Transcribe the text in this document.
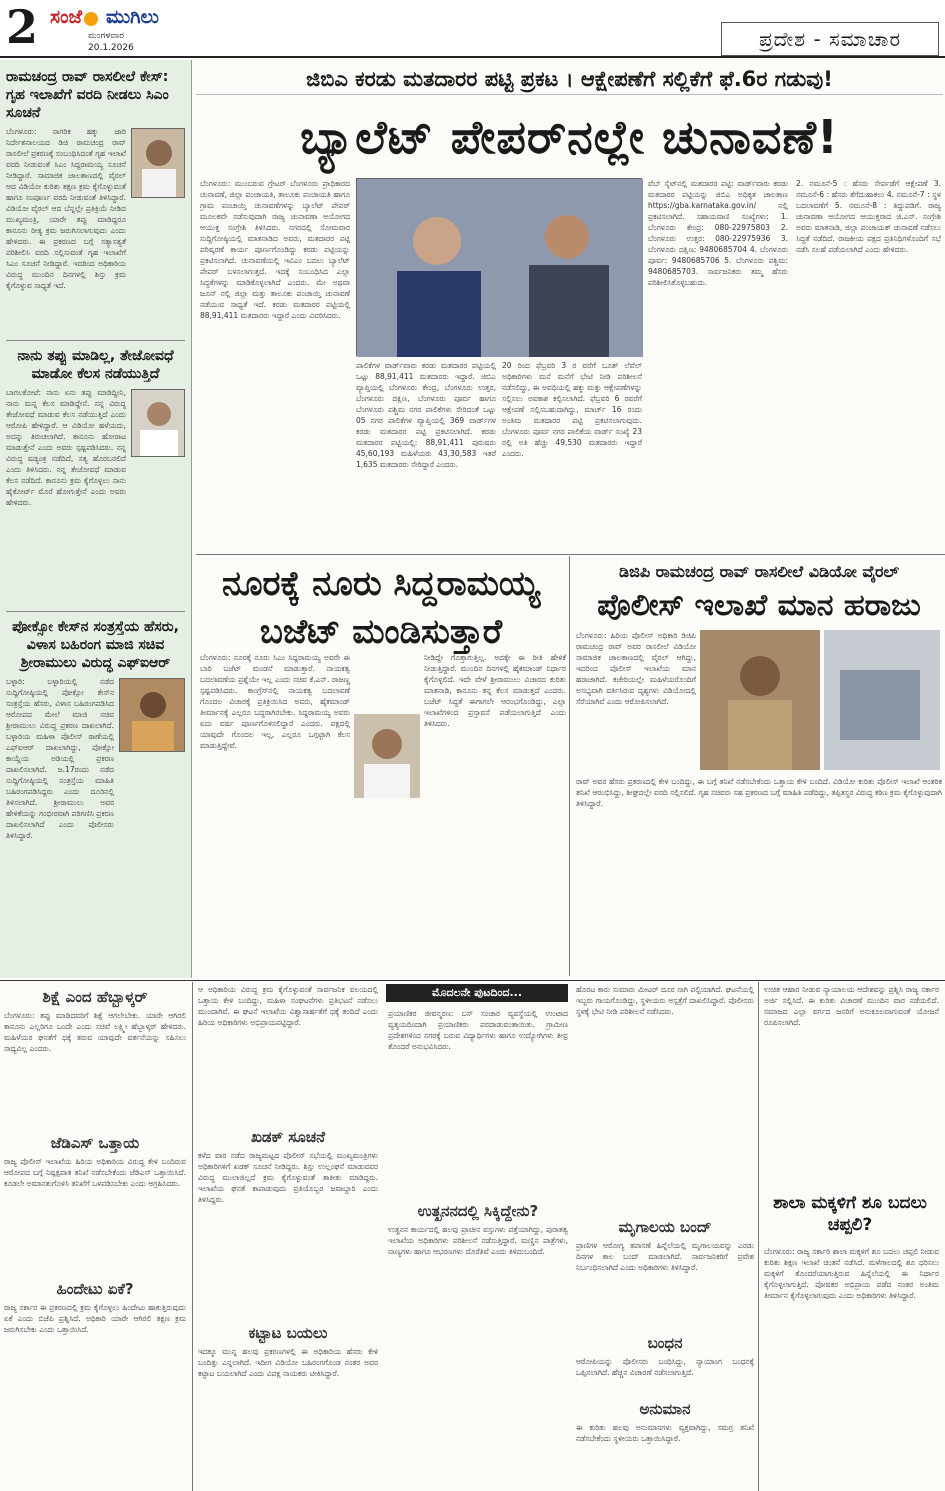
2 ಸಂಜೆ ಮುಗಿಲು
ಮಂಗಳವಾರ
20.1.2026	ಪ್ರದೇಶ - ಸಮಾಚಾರ
ರಾಮಚಂದ್ರ ರಾವ್ ರಾಸಲೀಲೆ ಕೇಸ್: ಗೃಹ ಇಲಾಖೆಗೆ ವರದಿ ನೀಡಲು ಸಿಎಂ ಸೂಚನೆ
ಬೆಂಗಳೂರು: ನಾಗರಿಕ ಹಕ್ಕು ಜಾರಿ ನಿರ್ದೇಶನಾಲಯದ ಡಿಜಿ ರಾಮಚಂದ್ರ ರಾವ್ ರಾಸಲೀಲೆ ಪ್ರಕರಣಕ್ಕೆ ಸಂಬಂಧಿಸಿದಂತೆ ಗೃಹ ಇಲಾಖೆ ವರದಿ ನೀಡುವಂತೆ ಸಿಎಂ ಸಿದ್ದರಾಮಯ್ಯ ಸೂಚನೆ ನೀಡಿದ್ದಾರೆ. ಸಾಮಾಜಿಕ ಜಾಲತಾಣದಲ್ಲಿ ವೈರಲ್ ಆದ ವಿಡಿಯೋ ಕುರಿತು ತಕ್ಷಣ ಕ್ರಮ ಕೈಗೊಳ್ಳುವಂತೆ ಹಾಗೂ ಸಂಪೂರ್ಣ ವರದಿ ನೀಡುವಂತೆ ತಿಳಿಸಿದ್ದಾರೆ. ವಿಡಿಯೋ ವೈರಲ್ ಆದ ಬೆನ್ನಲ್ಲೇ ಪ್ರತಿಕ್ರಿಯೆ ನೀಡಿದ ಮುಖ್ಯಮಂತ್ರಿ, ಯಾರೇ ತಪ್ಪು ಮಾಡಿದ್ದರೂ ಕಾನೂನು ರೀತ್ಯ ಕ್ರಮ ಜರುಗಿಸಲಾಗುವುದು ಎಂದು ಹೇಳಿದರು. ಈ ಪ್ರಕರಣದ ಬಗ್ಗೆ ಸತ್ಯಾಸತ್ಯತೆ ಪರಿಶೀಲಿಸಿ ವರದಿ ಸಲ್ಲಿಸುವಂತೆ ಗೃಹ ಇಲಾಖೆಗೆ ಸಿಎಂ ಸೂಚನೆ ನೀಡಿದ್ದಾರೆ. ಇದರಿಂದ ಅಧಿಕಾರಿಯ ವಿರುದ್ಧ ಮುಂದಿನ ದಿನಗಳಲ್ಲಿ ಶಿಸ್ತು ಕ್ರಮ ಕೈಗೊಳ್ಳುವ ಸಾಧ್ಯತೆ ಇದೆ.
ನಾನು ತಪ್ಪು ಮಾಡಿಲ್ಲ, ತೇಜೋವಧೆ ಮಾಡೋ ಕೆಲಸ ನಡೆಯುತ್ತಿದೆ
ಬಾಗಲಕೋಟೆ: ನಾನು ಏನು ತಪ್ಪು ಮಾಡಿದ್ದೀನಿ, ನಾನು ಮನ್ನ ಕೆಲಸ ಮಾಡಿದ್ದೇನೆ. ನನ್ನ ವಿರುದ್ಧ ತೇಜೋವಧೆ ಮಾಡುವ ಕೆಲಸ ನಡೆಯುತ್ತಿದೆ ಎಂದು ಆರೋಪಿ ಹೇಳಿದ್ದಾರೆ. ಆ ವಿಡಿಯೋ ಹಳೆಯದು, ಅದನ್ನು ತಿರುಚಲಾಗಿದೆ. ಕಾನೂನು ಹೋರಾಟ ಮಾಡುತ್ತೇನೆ ಎಂದು ಅವರು ಸ್ಪಷ್ಟಪಡಿಸಿದರು. ನನ್ನ ವಿರುದ್ಧ ಷಡ್ಯಂತ್ರ ನಡೆದಿದೆ, ಸತ್ಯ ಹೊರಬರಲಿದೆ ಎಂದು ತಿಳಿಸಿದರು. ನನ್ನ ತೇಜೋವಧೆ ಮಾಡುವ ಕೆಲಸ ನಡೆದಿದೆ. ಕಾನೂನು ಕ್ರಮ ಕೈಗೊಳ್ಳಲು ನಾನು ಹೈಕೋರ್ಟ್ ಮೊರೆ ಹೋಗುತ್ತೇನೆ ಎಂದು ಅವರು ಹೇಳಿದರು.
ಪೋಕ್ಸೋ ಕೇಸ್‌ನ ಸಂತ್ರಸ್ತೆಯ ಹೆಸರು, ವಿಳಾಸ ಬಹಿರಂಗ ಮಾಜಿ ಸಚಿವ ಶ್ರೀರಾಮುಲು ವಿರುದ್ಧ ಎಫ್‌ಐಆರ್
ಬಳ್ಳಾರಿ: ಬಳ್ಳಾರಿಯಲ್ಲಿ ನಡೆದ ಸುದ್ದಿಗೋಷ್ಠಿಯಲ್ಲಿ ಪೋಕ್ಸೋ ಕೇಸ್‌ನ ಸಂತ್ರಸ್ತೆಯ ಹೆಸರು, ವಿಳಾಸ ಬಹಿರಂಗಪಡಿಸಿದ ಆರೋಪದ ಮೇಲೆ ಮಾಜಿ ಸಚಿವ ಶ್ರೀರಾಮುಲು ವಿರುದ್ಧ ಪ್ರಕರಣ ದಾಖಲಾಗಿದೆ. ಬಳ್ಳಾರಿಯ ಮಹಿಳಾ ಪೊಲೀಸ್ ಠಾಣೆಯಲ್ಲಿ ಎಫ್‌ಐಆರ್ ದಾಖಲಾಗಿದ್ದು, ಪೋಕ್ಸೋ ಕಾಯ್ದೆಯ ಅಡಿಯಲ್ಲಿ ಪ್ರಕರಣ ದಾಖಲಿಸಲಾಗಿದೆ. ಜ.17ರಂದು ನಡೆದ ಸುದ್ದಿಗೋಷ್ಠಿಯಲ್ಲಿ ಸಂತ್ರಸ್ತೆಯ ಮಾಹಿತಿ ಬಹಿರಂಗಪಡಿಸಿದ್ದರು ಎಂದು ದೂರಿನಲ್ಲಿ ತಿಳಿಸಲಾಗಿದೆ. ಶ್ರೀರಾಮುಲು ಅವರ ಹೇಳಿಕೆಯನ್ನು ಗಂಭೀರವಾಗಿ ಪರಿಗಣಿಸಿ ಪ್ರಕರಣ ದಾಖಲಿಸಲಾಗಿದೆ ಎಂದು ಪೊಲೀಸರು ತಿಳಿಸಿದ್ದಾರೆ.
ಜಿಬಿಎ ಕರಡು ಮತದಾರರ ಪಟ್ಟಿ ಪ್ರಕಟ । ಆಕ್ಷೇಪಣೆಗೆ ಸಲ್ಲಿಕೆಗೆ ಫೆ.6ರ ಗಡುವು!
ಬ್ಯಾಲೆಟ್ ಪೇಪರ್‌ನಲ್ಲೇ ಚುನಾವಣೆ!
ಬೆಂಗಳೂರು: ಮುಂಬರುವ ಗ್ರೇಟರ್ ಬೆಂಗಳೂರು ಪ್ರಾಧಿಕಾರದ ಚುನಾವಣೆ, ಜಿಲ್ಲಾ ಪಂಚಾಯತಿ, ತಾಲೂಕು ಪಂಚಾಯತಿ ಹಾಗೂ ಗ್ರಾಮ ಪಂಚಾಯ್ತಿ ಚುನಾವಣೆಗಳನ್ನು ಬ್ಯಾಲೆಟ್ ಪೇಪರ್ ಮೂಲಕವೇ ನಡೆಸುವುದಾಗಿ ರಾಜ್ಯ ಚುನಾವಣಾ ಆಯೋಗದ ಆಯುಕ್ತ ಸಂಗ್ರೇಶಿ ತಿಳಿಸಿದರು. ನಗರದಲ್ಲಿ ಸೋಮವಾರ ಸುದ್ದಿಗೋಷ್ಠಿಯಲ್ಲಿ ಮಾತನಾಡಿದ ಅವರು, ಮತದಾರರ ಪಟ್ಟಿ ಪರಿಷ್ಕರಣೆ ಕಾರ್ಯ ಪೂರ್ಣಗೊಂಡಿದ್ದು ಕರಡು ಪಟ್ಟಿಯನ್ನು ಪ್ರಕಟಿಸಲಾಗಿದೆ. ಚುನಾವಣೆಯಲ್ಲಿ ಇವಿಎಂ ಬದಲು ಬ್ಯಾಲೆಟ್ ಪೇಪರ್ ಬಳಸಲಾಗುತ್ತದೆ. ಇದಕ್ಕೆ ಸಂಬಂಧಿಸಿದ ಎಲ್ಲಾ ಸಿದ್ಧತೆಗಳನ್ನು ಮಾಡಿಕೊಳ್ಳಲಾಗಿದೆ ಎಂದರು. ಮೇ ಅಥವಾ ಜೂನ್ ನಲ್ಲಿ ಜಿಲ್ಲಾ ಮತ್ತು ತಾಲೂಕು ಪಂಚಾಯ್ತಿ ಚುನಾವಣೆ ನಡೆಯುವ ಸಾಧ್ಯತೆ ಇದೆ. ಕರಡು ಮತದಾರರ ಪಟ್ಟಿಯಲ್ಲಿ 88,91,411 ಮತದಾರರು ಇದ್ದಾರೆ ಎಂದು ವಿವರಿಸಿದರು.
ಪಾಲಿಕೆಗಳ ವಾರ್ಡ್‌ವಾರು ಕರಡು ಮತದಾರರ ಪಟ್ಟಿಯಲ್ಲಿ ಒಟ್ಟು 88,91,411 ಮತದಾರರು ಇದ್ದಾರೆ. ಜಿಬಿಎ ವ್ಯಾಪ್ತಿಯಲ್ಲಿ ಬೆಂಗಳೂರು ಕೇಂದ್ರ, ಬೆಂಗಳೂರು ಉತ್ತರ, ಬೆಂಗಳೂರು ದಕ್ಷಿಣ, ಬೆಂಗಳೂರು ಪೂರ್ವ ಹಾಗೂ ಬೆಂಗಳೂರು ಪಶ್ಚಿಮ ನಗರ ಪಾಲಿಕೆಗಳು ಸೇರಿದಂತೆ ಒಟ್ಟು 05 ನಗರ ಪಾಲಿಕೆಗಳ ವ್ಯಾಪ್ತಿಯಲ್ಲಿ 369 ವಾರ್ಡ್‌ಗಳ ಕರಡು ಮತದಾರರ ಪಟ್ಟಿ ಪ್ರಕಟಿಸಲಾಗಿದೆ. ಕರಡು ಮತದಾರರ ಪಟ್ಟಿಯಲ್ಲಿ: 88,91,411 ಪುರುಷರು 45,60,193 ಮಹಿಳೆಯರು 43,30,583 ಇತರೆ 1,635 ಮತದಾರರು ಸೇರಿದ್ದಾರೆ ಎಂದರು.
20 ರಿಂದ ಫೆಬ್ರವರಿ 3 ರ ವರೆಗೆ ಬೂತ್ ಲೆವೆಲ್ ಅಧಿಕಾರಿಗಳು ಮನೆ ಮನೆಗೆ ಭೇಟಿ ನೀಡಿ ಪರಿಶೀಲನೆ ನಡೆಸಲಿದ್ದು, ಈ ಅವಧಿಯಲ್ಲಿ ಹಕ್ಕು ಮತ್ತು ಆಕ್ಷೇಪಣೆಗಳನ್ನು ಸಲ್ಲಿಸಲು ಅವಕಾಶ ಕಲ್ಪಿಸಲಾಗಿದೆ. ಫೆಬ್ರವರಿ 6 ರವರೆಗೆ ಆಕ್ಷೇಪಣೆ ಸಲ್ಲಿಸಬಹುದಾಗಿದ್ದು, ಮಾರ್ಚ್ 16 ರಂದು ಅಂತಿಮ ಮತದಾರರ ಪಟ್ಟಿ ಪ್ರಕಟಿಸಲಾಗುವುದು. ಬೆಂಗಳೂರು ಪೂರ್ವ ನಗರ ಪಾಲಿಕೆಯ ವಾರ್ಡ್ ಸಂಖ್ಯೆ 23 ರಲ್ಲಿ ಅತಿ ಹೆಚ್ಚು 49,530 ಮತದಾರರು ಇದ್ದಾರೆ ಎಂದರು.
ವೆಬ್ ಸೈಟ್‌ನಲ್ಲಿ ಮತದಾರರ ಪಟ್ಟಿ: ವಾರ್ಡ್‌ವಾರು ಕರಡು ಮತದಾರರ ಪಟ್ಟಿಯನ್ನು ಜಿಬಿಎ ಅಧಿಕೃತ ಜಾಲತಾಣ https://gba.karnataka.gov.in/ ನಲ್ಲಿ ಪ್ರಕಟಿಸಲಾಗಿದೆ. ಸಹಾಯವಾಣಿ ಸಂಖ್ಯೆಗಳು: 1. ಬೆಂಗಳೂರು ಕೇಂದ್ರ: 080-22975803 2. ಬೆಂಗಳೂರು ಉತ್ತರ: 080-22975936 3. ಬೆಂಗಳೂರು ದಕ್ಷಿಣ: 9480685704 4. ಬೆಂಗಳೂರು ಪೂರ್ವ: 9480685706 5. ಬೆಂಗಳೂರು ಪಶ್ಚಿಮ: 9480685703. ಸಾರ್ವಜನಿಕರು ತಮ್ಮ ಹೆಸರು ಪರಿಶೀಲಿಸಿಕೊಳ್ಳಬಹುದು.
2. ನಮೂನೆ-5 : ಹೆಸರು ಸೇರ್ಪಡೆಗೆ ಆಕ್ಷೇಪಣೆ 3. ನಮೂನೆ-6 : ಹೆಸರು ತೆಗೆದುಹಾಕಲು 4. ನಮೂನೆ-7 : ಸ್ಥಳ ಬದಲಾವಣೆಗೆ 5. ನಮೂನೆ-8 : ತಿದ್ದುಪಡಿಗೆ. ರಾಜ್ಯ ಚುನಾವಣಾ ಆಯೋಗದ ಆಯುಕ್ತರಾದ ಜಿ.ಎಸ್. ಸಂಗ್ರೇಶಿ ಅವರು ಮಾತನಾಡಿ, ಜಿಲ್ಲಾ ಪಂಚಾಯತ್ ಚುನಾವಣೆ ನಡೆಸಲು ಸಿದ್ಧತೆ ನಡೆದಿದೆ. ರಾಜಕೀಯ ಪಕ್ಷದ ಪ್ರತಿನಿಧಿಗಳೊಂದಿಗೆ ಸಭೆ ನಡೆಸಿ ಸಲಹೆ ಪಡೆಯಲಾಗಿದೆ ಎಂದು ಹೇಳಿದರು.
ನೂರಕ್ಕೆ ನೂರು ಸಿದ್ದರಾಮಯ್ಯ ಬಜೆಟ್ ಮಂಡಿಸುತ್ತಾರೆ
ಬೆಂಗಳೂರು: ನೂರಕ್ಕೆ ನೂರು ಸಿಎಂ ಸಿದ್ದರಾಮಯ್ಯ ಅವರೇ ಈ ಬಾರಿ ಬಜೆಟ್ ಮಂಡನೆ ಮಾಡುತ್ತಾರೆ. ನಾಯಕತ್ವ ಬದಲಾವಣೆಯ ಪ್ರಶ್ನೆಯೇ ಇಲ್ಲ ಎಂದು ಸಚಿವ ಕೆ.ಎನ್. ರಾಜಣ್ಣ ಸ್ಪಷ್ಟಪಡಿಸಿದರು. ಕಾಂಗ್ರೆಸ್‌ನಲ್ಲಿ ನಾಯಕತ್ವ ಬದಲಾವಣೆ ಗೊಂದಲ ವಿಚಾರಕ್ಕೆ ಪ್ರತಿಕ್ರಿಯಿಸಿದ ಅವರು, ಹೈಕಮಾಂಡ್ ತೀರ್ಮಾನಕ್ಕೆ ಎಲ್ಲರೂ ಬದ್ಧರಾಗಿರಬೇಕು. ಸಿದ್ದರಾಮಯ್ಯ ಅವರು ಐದು ವರ್ಷ ಪೂರ್ಣಗೊಳಿಸಲಿದ್ದಾರೆ ಎಂದರು. ಪಕ್ಷದಲ್ಲಿ ಯಾವುದೇ ಗೊಂದಲ ಇಲ್ಲ, ಎಲ್ಲರೂ ಒಗ್ಗಟ್ಟಾಗಿ ಕೆಲಸ ಮಾಡುತ್ತಿದ್ದೇವೆ.
ನೀಡಿದ್ದೇ ಗೊತ್ತಾಗುತ್ತಿಲ್ಲ. ಅದಕ್ಕೇ ಈ ರೀತಿ ಹೇಳಿಕೆ ನೀಡುತ್ತಿದ್ದಾರೆ. ಮುಂದಿನ ದಿನಗಳಲ್ಲಿ ಹೈಕಮಾಂಡ್ ನಿರ್ಧಾರ ಕೈಗೊಳ್ಳಲಿದೆ. ಇದೇ ವೇಳೆ ಶ್ರೀರಾಮುಲು ವಿಚಾರದ ಕುರಿತು ಮಾತನಾಡಿ, ಕಾನೂನು ತನ್ನ ಕೆಲಸ ಮಾಡುತ್ತದೆ ಎಂದರು. ಬಜೆಟ್ ಸಿದ್ಧತೆ ಈಗಾಗಲೇ ಆರಂಭಗೊಂಡಿದ್ದು, ಎಲ್ಲಾ ಇಲಾಖೆಗಳಿಂದ ಪ್ರಸ್ತಾವನೆ ಪಡೆಯಲಾಗುತ್ತಿದೆ ಎಂದು ತಿಳಿಸಿದರು.
ಡಿಜಿಪಿ ರಾಮಚಂದ್ರ ರಾವ್ ರಾಸಲೀಲೆ ವಿಡಿಯೋ ವೈರಲ್
ಪೊಲೀಸ್ ಇಲಾಖೆ ಮಾನ ಹರಾಜು
ಬೆಂಗಳೂರು: ಹಿರಿಯ ಪೊಲೀಸ್ ಅಧಿಕಾರಿ ಡಿಜಿಪಿ ರಾಮಚಂದ್ರ ರಾವ್ ಅವರ ರಾಸಲೀಲೆ ವಿಡಿಯೋ ಸಾಮಾಜಿಕ ಜಾಲತಾಣದಲ್ಲಿ ವೈರಲ್ ಆಗಿದ್ದು, ಇದರಿಂದ ಪೊಲೀಸ್ ಇಲಾಖೆಯ ಮಾನ ಹರಾಜಾಗಿದೆ. ಕಚೇರಿಯಲ್ಲೇ ಮಹಿಳೆಯರೊಂದಿಗೆ ಅಸಭ್ಯವಾಗಿ ವರ್ತಿಸಿರುವ ದೃಶ್ಯಗಳು ವಿಡಿಯೋದಲ್ಲಿ ಸೆರೆಯಾಗಿವೆ ಎಂದು ಆರೋಪಿಸಲಾಗಿದೆ.
ರಾವ್ ಅವರ ಹೆಸರು ಪ್ರಕರಣದಲ್ಲಿ ಕೇಳಿ ಬಂದಿದ್ದು, ಈ ಬಗ್ಗೆ ತನಿಖೆ ನಡೆಸಬೇಕೆಂದು ಒತ್ತಾಯ ಕೇಳಿ ಬಂದಿದೆ. ವಿಡಿಯೋ ಕುರಿತು ಪೊಲೀಸ್ ಇಲಾಖೆ ಆಂತರಿಕ ತನಿಖೆ ಆರಂಭಿಸಿದ್ದು, ಶೀಘ್ರದಲ್ಲೇ ವರದಿ ಸಲ್ಲಿಸಲಿದೆ. ಗೃಹ ಸಚಿವರು ಸಹ ಪ್ರಕರಣದ ಬಗ್ಗೆ ಮಾಹಿತಿ ಪಡೆದಿದ್ದು, ತಪ್ಪಿತಸ್ಥರ ವಿರುದ್ಧ ಕಠಿಣ ಕ್ರಮ ಕೈಗೊಳ್ಳುವುದಾಗಿ ತಿಳಿಸಿದ್ದಾರೆ.
ಶಿಕ್ಷೆ ಎಂದ ಹೆಬ್ಬಾಳ್ಕರ್
ಬೆಂಗಳೂರು: ತಪ್ಪು ಮಾಡಿದವರಿಗೆ ಶಿಕ್ಷೆ ಆಗಲೇಬೇಕು. ಯಾರೇ ಆಗಿರಲಿ ಕಾನೂನು ಎಲ್ಲರಿಗೂ ಒಂದೇ ಎಂದು ಸಚಿವೆ ಲಕ್ಷ್ಮೀ ಹೆಬ್ಬಾಳ್ಕರ್ ಹೇಳಿದರು. ಮಹಿಳೆಯರ ಘನತೆಗೆ ಧಕ್ಕೆ ತರುವ ಯಾವುದೇ ವರ್ತನೆಯನ್ನು ಸಹಿಸಲು ಸಾಧ್ಯವಿಲ್ಲ ಎಂದರು.
ಜೆಡಿಎಸ್ ಒತ್ತಾಯ
ರಾಜ್ಯ ಪೊಲೀಸ್ ಇಲಾಖೆಯ ಹಿರಿಯ ಅಧಿಕಾರಿಯ ವಿರುದ್ಧ ಕೇಳಿ ಬಂದಿರುವ ಆರೋಪದ ಬಗ್ಗೆ ನಿಷ್ಪಕ್ಷಪಾತ ತನಿಖೆ ನಡೆಸಬೇಕೆಂದು ಜೆಡಿಎಸ್ ಒತ್ತಾಯಿಸಿದೆ. ಕೂಡಲೇ ಅಮಾನತುಗೊಳಿಸಿ ತನಿಖೆಗೆ ಒಳಪಡಿಸಬೇಕು ಎಂದು ಆಗ್ರಹಿಸಿದರು.
ಹಿಂದೇಟು ಏಕೆ?
ರಾಜ್ಯ ಸರ್ಕಾರ ಈ ಪ್ರಕರಣದಲ್ಲಿ ಕ್ರಮ ಕೈಗೊಳ್ಳಲು ಹಿಂದೇಟು ಹಾಕುತ್ತಿರುವುದು ಏಕೆ ಎಂದು ಬಿಜೆಪಿ ಪ್ರಶ್ನಿಸಿದೆ. ಅಧಿಕಾರಿ ಯಾರೇ ಆಗಿರಲಿ ತಕ್ಷಣ ಕ್ರಮ ಜರುಗಿಸಬೇಕು ಎಂದು ಒತ್ತಾಯಿಸಿದೆ.
ಆ ಅಧಿಕಾರಿಯ ವಿರುದ್ಧ ಕ್ರಮ ಕೈಗೊಳ್ಳುವಂತೆ ಸಾರ್ವಜನಿಕ ವಲಯದಲ್ಲಿ ಒತ್ತಾಯ ಕೇಳಿ ಬಂದಿದ್ದು, ಮಹಿಳಾ ಸಂಘಟನೆಗಳು ಪ್ರತಿಭಟನೆ ನಡೆಸಲು ಮುಂದಾಗಿವೆ. ಈ ಘಟನೆ ಇಲಾಖೆಯ ವಿಶ್ವಾಸಾರ್ಹತೆಗೆ ಧಕ್ಕೆ ತಂದಿದೆ ಎಂದು ಹಿರಿಯ ಅಧಿಕಾರಿಗಳು ಅಭಿಪ್ರಾಯಪಟ್ಟಿದ್ದಾರೆ.
ಖಡಕ್ ಸೂಚನೆ
ಕಳೆದ ವಾರ ನಡೆದ ರಾಜ್ಯಮಟ್ಟದ ಪೊಲೀಸ್ ಸಭೆಯಲ್ಲಿ ಮುಖ್ಯಮಂತ್ರಿಗಳು ಅಧಿಕಾರಿಗಳಿಗೆ ಖಡಕ್ ಸೂಚನೆ ನೀಡಿದ್ದರು. ಶಿಸ್ತು ಉಲ್ಲಂಘನೆ ಮಾಡುವವರ ವಿರುದ್ಧ ಮುಲಾಜಿಲ್ಲದೆ ಕ್ರಮ ಕೈಗೊಳ್ಳುವಂತೆ ತಾಕೀತು ಮಾಡಿದ್ದರು. ಇಲಾಖೆಯ ಘನತೆ ಕಾಪಾಡುವುದು ಪ್ರತಿಯೊಬ್ಬರ ಜವಾಬ್ದಾರಿ ಎಂದು ತಿಳಿಸಿದ್ದರು.
ಕಟ್ಟಾಟ ಬಯಲು
ಇದಕ್ಕೂ ಮುನ್ನ ಹಲವು ಪ್ರಕರಣಗಳಲ್ಲಿ ಈ ಅಧಿಕಾರಿಯ ಹೆಸರು ಕೇಳಿ ಬಂದಿತ್ತು ಎನ್ನಲಾಗಿದೆ. ಇದೀಗ ವಿಡಿಯೋ ಬಹಿರಂಗಗೊಂಡ ನಂತರ ಅವರ ಕಟ್ಟಾಟ ಬಯಲಾಗಿದೆ ಎಂದು ವಿಪಕ್ಷ ನಾಯಕರು ಟೀಕಿಸಿದ್ದಾರೆ.
ಮೊದಲನೇ ಪುಟದಿಂದ...
ಪ್ರಯಾಣಿಕರ ಜೀವನ್ಮರಣ: ಬಸ್ ಸಂಚಾರ ವ್ಯವಸ್ಥೆಯಲ್ಲಿ ಉಂಟಾದ ವ್ಯತ್ಯಯದಿಂದಾಗಿ ಪ್ರಯಾಣಿಕರು ಪರದಾಡುವಂತಾಯಿತು. ಗ್ರಾಮೀಣ ಪ್ರದೇಶಗಳಿಂದ ನಗರಕ್ಕೆ ಬರುವ ವಿದ್ಯಾರ್ಥಿಗಳು ಹಾಗೂ ಉದ್ಯೋಗಿಗಳು ತೀವ್ರ ತೊಂದರೆ ಅನುಭವಿಸಿದರು.
ಉತ್ಖನನದಲ್ಲಿ ಸಿಕ್ಕಿದ್ದೇನು?
ಉತ್ಖನನ ಕಾರ್ಯದಲ್ಲಿ ಹಲವು ಪ್ರಾಚೀನ ವಸ್ತುಗಳು ಪತ್ತೆಯಾಗಿದ್ದು, ಪುರಾತತ್ವ ಇಲಾಖೆಯ ಅಧಿಕಾರಿಗಳು ಪರಿಶೀಲನೆ ನಡೆಸುತ್ತಿದ್ದಾರೆ. ಮಣ್ಣಿನ ಪಾತ್ರೆಗಳು, ನಾಣ್ಯಗಳು ಹಾಗೂ ಆಭರಣಗಳು ದೊರೆತಿವೆ ಎಂದು ತಿಳಿದುಬಂದಿದೆ.
ಹೊರಟ ಕಾರು ಸುಮಾರು ಮೀಟರ್ ದೂರ ಸಾಗಿ ಪಲ್ಟಿಯಾಗಿದೆ. ಘಟನೆಯಲ್ಲಿ ಇಬ್ಬರು ಗಾಯಗೊಂಡಿದ್ದು, ಸ್ಥಳೀಯರು ಆಸ್ಪತ್ರೆಗೆ ದಾಖಲಿಸಿದ್ದಾರೆ. ಪೊಲೀಸರು ಸ್ಥಳಕ್ಕೆ ಭೇಟಿ ನೀಡಿ ಪರಿಶೀಲನೆ ನಡೆಸಿದರು.
ಮೃಗಾಲಯ ಬಂದ್
ಪ್ರಾಣಿಗಳ ಆರೋಗ್ಯ ತಪಾಸಣೆ ಹಿನ್ನೆಲೆಯಲ್ಲಿ ಮೃಗಾಲಯವನ್ನು ಎರಡು ದಿನಗಳ ಕಾಲ ಬಂದ್ ಮಾಡಲಾಗಿದೆ. ಸಾರ್ವಜನಿಕರಿಗೆ ಪ್ರವೇಶ ನಿರ್ಬಂಧಿಸಲಾಗಿದೆ ಎಂದು ಅಧಿಕಾರಿಗಳು ತಿಳಿಸಿದ್ದಾರೆ.
ಬಂಧನ
ಆರೋಪಿಯನ್ನು ಪೊಲೀಸರು ಬಂಧಿಸಿದ್ದು, ನ್ಯಾಯಾಂಗ ಬಂಧನಕ್ಕೆ ಒಪ್ಪಿಸಲಾಗಿದೆ. ಹೆಚ್ಚಿನ ವಿಚಾರಣೆ ನಡೆಸಲಾಗುತ್ತಿದೆ.
ಅನುಮಾನ
ಈ ಕುರಿತು ಹಲವು ಅನುಮಾನಗಳು ವ್ಯಕ್ತವಾಗಿದ್ದು, ಸಮಗ್ರ ತನಿಖೆ ನಡೆಸಬೇಕೆಂದು ಸ್ಥಳೀಯರು ಒತ್ತಾಯಿಸಿದ್ದಾರೆ.
ಉಚಿತ ಆಹಾರ ನೀಡುವ ನ್ಯಾಯಾಲಯ ಆದೇಶವನ್ನು ಪ್ರಶ್ನಿಸಿ ರಾಜ್ಯ ಸರ್ಕಾರ ಅರ್ಜಿ ಸಲ್ಲಿಸಿದೆ. ಈ ಕುರಿತು ವಿಚಾರಣೆ ಮುಂದಿನ ವಾರ ನಡೆಯಲಿದೆ. ಸಮಾಜದ ಎಲ್ಲಾ ವರ್ಗದ ಜನರಿಗೆ ಅನುಕೂಲವಾಗುವಂತೆ ಯೋಜನೆ ರೂಪಿಸಲಾಗಿದೆ.
ಶಾಲಾ ಮಕ್ಕಳಿಗೆ ಶೂ ಬದಲು ಚಪ್ಪಲಿ?
ಬೆಂಗಳೂರು: ರಾಜ್ಯ ಸರ್ಕಾರಿ ಶಾಲಾ ಮಕ್ಕಳಿಗೆ ಶೂ ಬದಲು ಚಪ್ಪಲಿ ನೀಡುವ ಕುರಿತು ಶಿಕ್ಷಣ ಇಲಾಖೆ ಚಿಂತನೆ ನಡೆಸಿದೆ. ಮಳೆಗಾಲದಲ್ಲಿ ಶೂ ಧರಿಸಲು ಮಕ್ಕಳಿಗೆ ತೊಂದರೆಯಾಗುತ್ತಿರುವ ಹಿನ್ನೆಲೆಯಲ್ಲಿ ಈ ನಿರ್ಧಾರ ಕೈಗೊಳ್ಳಲಾಗುತ್ತಿದೆ. ಪೋಷಕರ ಅಭಿಪ್ರಾಯ ಪಡೆದ ನಂತರ ಅಂತಿಮ ತೀರ್ಮಾನ ಕೈಗೊಳ್ಳಲಾಗುವುದು ಎಂದು ಅಧಿಕಾರಿಗಳು ತಿಳಿಸಿದ್ದಾರೆ.
